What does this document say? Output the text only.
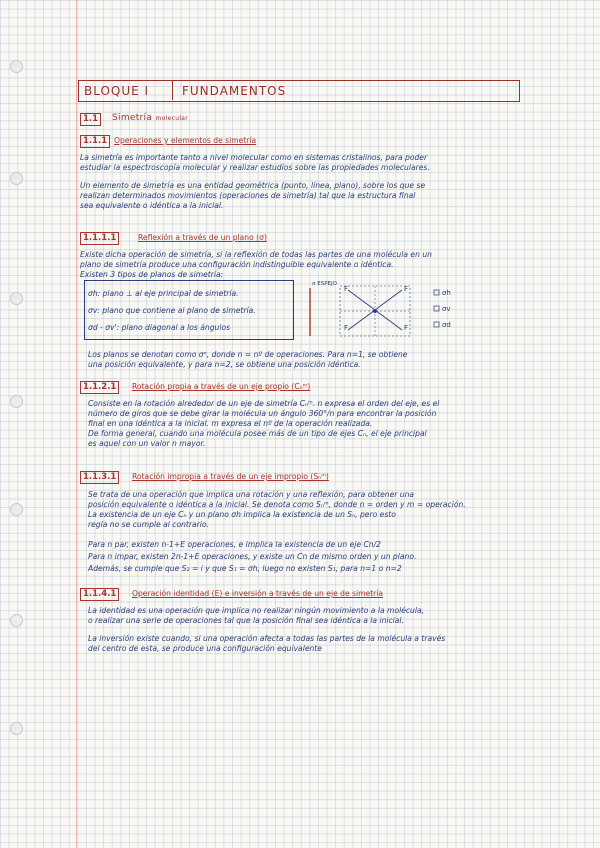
BLOQUE I	FUNDAMENTOS
1.1	Simetría molecular
1.1.1 Operaciones y elementos de simetría

La simetría es importante tanto a nivel molecular como en sistemas cristalinos, para poder

estudiar la espectroscopía molecular y realizar estudios sobre las propiedades moleculares.

Un elemento de simetría es una entidad geométrica (punto, línea, plano), sobre los que se

realizan determinados movimientos (operaciones de simetría) tal que la estructura final

sea equivalente o idéntica a la inicial.

1.1.1.1	Reflexión a través de un plano (σ)

Existe dicha operación de simetría, si la reflexión de todas las partes de una molécula en un

plano de simetría produce una configuración indistinguible equivalente o idéntica.

Existen 3 tipos de planos de simetría:

σh: plano ⊥ al eje principal de simetría.

σv: plano que contiene al plano de simetría.

σd - σv': plano diagonal a los ángulos

σ ESPEJO
F	F
F	F
σh
σv
σd

Los planos se denotan como σⁿ, donde n = nº de operaciones. Para n=1, se obtiene

una posición equivalente, y para n=2, se obtiene una posición idéntica.

1.1.2.1	Rotación propia a través de un eje propio (Cₙᵐ)

Consiste en la rotación alrededor de un eje de simetría Cₙᵐ. n expresa el orden del eje, es el

número de giros que se debe girar la molécula un ángulo 360°/n para encontrar la posición

final en una idéntica a la inicial. m expresa el nº de la operación realizada.

De forma general, cuando una molécula posee más de un tipo de ejes Cₙ, el eje principal

es aquel con un valor n mayor.

1.1.3.1	Rotación impropia a través de un eje impropio (Sₙᵐ)

Se trata de una operación que implica una rotación y una reflexión, para obtener una

posición equivalente o idéntica a la inicial. Se denota como Sₙᵐ, donde n = orden y m = operación.

La existencia de un eje Cₙ y un plano σh implica la existencia de un Sₙ, pero esto

regla no se cumple al contrario.

Para n par, existen n-1+E operaciones, e implica la existencia de un eje Cn/2

Para n impar, existen 2n-1+E operaciones, y existe un Cn de mismo orden y un plano.

Además, se cumple que S₂ = i y que S₁ = σh, luego no existen S₁, para n=1 o n=2

1.1.4.1	Operación identidad (E) e inversión a través de un eje de simetría

La identidad es una operación que implica no realizar ningún movimiento a la molécula,

o realizar una serie de operaciones tal que la posición final sea idéntica a la inicial.

La inversión existe cuando, si una operación afecta a todas las partes de la molécula a través

del centro de esta, se produce una configuración equivalente
